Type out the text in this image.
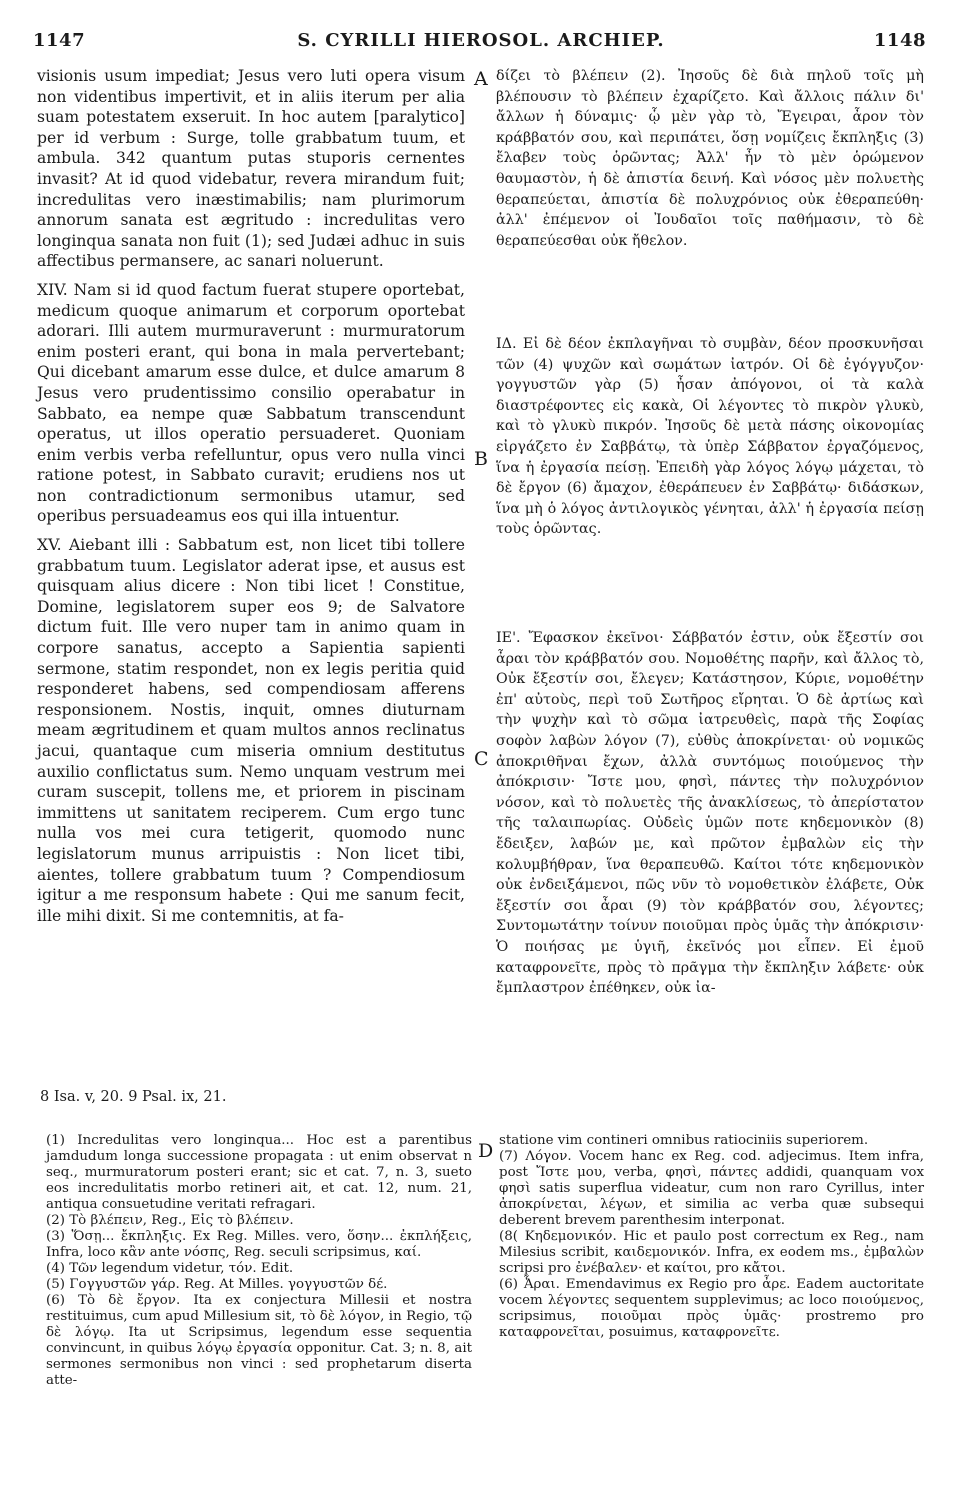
1147	S. CYRILLI HIEROSOL. ARCHIEP.	1148
A
B
C
D

visionis usum impediat; Jesus vero luti opera visum non videntibus impertivit, et in aliis iterum per alia suam potestatem exseruit. In hoc autem [paralytico] per id verbum : Surge, tolle grabbatum tuum, et ambula. 342 quantum putas stuporis cernentes invasit? At id quod videbatur, revera mirandum fuit; incredulitas vero inæstimabilis; nam plurimorum annorum sanata est ægritudo : incredulitas vero longinqua sanata non fuit (1); sed Judæi adhuc in suis affectibus permansere, ac sanari noluerunt.

XIV. Nam si id quod factum fuerat stupere oportebat, medicum quoque animarum et corporum oportebat adorari. Illi autem murmuraverunt : murmuratorum enim posteri erant, qui bona in mala pervertebant; Qui dicebant amarum esse dulce, et dulce amarum 8 Jesus vero prudentissimo consilio operabatur in Sabbato, ea nempe quæ Sabbatum transcendunt operatus, ut illos operatio persuaderet. Quoniam enim verbis verba refelluntur, opus vero nulla vinci ratione potest, in Sabbato curavit; erudiens nos ut non contradictionum sermonibus utamur, sed operibus persuadeamus eos qui illa intuentur.

XV. Aiebant illi : Sabbatum est, non licet tibi tollere grabbatum tuum. Legislator aderat ipse, et ausus est quisquam alius dicere : Non tibi licet ! Constitue, Domine, legislatorem super eos 9; de Salvatore dictum fuit. Ille vero nuper tam in animo quam in corpore sanatus, accepto a Sapientia sapienti sermone, statim respondet, non ex legis peritia quid responderet habens, sed compendiosam afferens responsionem. Nostis, inquit, omnes diuturnam meam ægritudinem et quam multos annos reclinatus jacui, quantaque cum miseria omnium destitutus auxilio conflictatus sum. Nemo unquam vestrum mei curam suscepit, tollens me, et priorem in piscinam immittens ut sanitatem reciperem. Cum ergo tunc nulla vos mei cura tetigerit, quomodo nunc legislatorum munus arripuistis : Non licet tibi, aientes, tollere grabbatum tuum ? Compendiosum igitur a me responsum habete : Qui me sanum fecit, ille mihi dixit. Si me contemnitis, at fa-

δίζει τὸ βλέπειν (2). Ἰησοῦς δὲ διὰ πηλοῦ τοῖς μὴ βλέπουσιν τὸ βλέπειν ἐχαρίζετο. Καὶ ἄλλοις πάλιν δι' ἄλλων ἡ δύναμις· ᾧ μὲν γὰρ τὸ, Ἔγειραι, ἆρον τὸν κράββατόν σου, καὶ περιπάτει, ὅσῃ νομίζεις ἔκπληξις (3) ἔλαβεν τοὺς ὁρῶντας; Ἀλλ' ἦν τὸ μὲν ὁρώμενον θαυμαστὸν, ἡ δὲ ἀπιστία δεινή. Καὶ νόσος μὲν πολυετὴς θεραπεύεται, ἀπιστία δὲ πολυχρόνιος οὐκ ἐθεραπεύθη· ἀλλ' ἐπέμενον οἱ Ἰουδαῖοι τοῖς παθήμασιν, τὸ δὲ θεραπεύεσθαι οὐκ ἤθελον.
ΙΔ. Εἰ δὲ δέον ἐκπλαγῆναι τὸ συμβὰν, δέον προσκυνῆσαι τῶν (4) ψυχῶν καὶ σωμάτων ἰατρόν. Οἱ δὲ ἐγόγγυζον· γογγυστῶν γὰρ (5) ἦσαν ἀπόγονοι, οἱ τὰ καλὰ διαστρέφοντες εἰς κακὰ, Οἱ λέγοντες τὸ πικρὸν γλυκὺ, καὶ τὸ γλυκὺ πικρόν. Ἰησοῦς δὲ μετὰ πάσης οἰκονομίας εἰργάζετο ἐν Σαββάτῳ, τὰ ὑπὲρ Σάββατον ἐργαζόμενος, ἵνα ἡ ἐργασία πείσῃ. Ἐπειδὴ γὰρ λόγος λόγῳ μάχεται, τὸ δὲ ἔργον (6) ἄμαχον, ἐθεράπευεν ἐν Σαββάτῳ· διδάσκων, ἵνα μὴ ὁ λόγος ἀντιλογικὸς γένηται, ἀλλ' ἡ ἐργασία πείσῃ τοὺς ὁρῶντας.
ΙΕ'. Ἔφασκον ἐκεῖνοι· Σάββατόν ἐστιν, οὐκ ἔξεστίν σοι ἆραι τὸν κράββατόν σου. Νομοθέτης παρῆν, καὶ ἄλλος τὸ, Οὐκ ἔξεστίν σοι, ἔλεγεν; Κατάστησον, Κύριε, νομοθέτην ἐπ' αὐτοὺς, περὶ τοῦ Σωτῆρος εἴρηται. Ὁ δὲ ἀρτίως καὶ τὴν ψυχὴν καὶ τὸ σῶμα ἰατρευθεὶς, παρὰ τῆς Σοφίας σοφὸν λαβὼν λόγον (7), εὐθὺς ἀποκρίνεται· οὐ νομικῶς ἀποκριθῆναι ἔχων, ἀλλὰ συντόμως ποιούμενος τὴν ἀπόκρισιν· Ἴστε μου, φησὶ, πάντες τὴν πολυχρόνιον νόσον, καὶ τὸ πολυετὲς τῆς ἀνακλίσεως, τὸ ἀπερίστατον τῆς ταλαιπωρίας. Οὐδεὶς ὑμῶν ποτε κηδεμονικὸν (8) ἔδειξεν, λαβών με, καὶ πρῶτον ἐμβαλὼν εἰς τὴν κολυμβήθραν, ἵνα θεραπευθῶ. Καίτοι τότε κηδεμονικὸν οὐκ ἐνδειξάμενοι, πῶς νῦν τὸ νομοθετικὸν ἐλάβετε, Οὐκ ἔξεστίν σοι ἆραι (9) τὸν κράββατόν σου, λέγοντες; Συντομωτάτην τοίνυν ποιοῦμαι πρὸς ὑμᾶς τὴν ἀπόκρισιν· Ὁ ποιήσας με ὑγιῆ, ἐκεῖνός μοι εἶπεν. Εἰ ἐμοῦ καταφρονεῖτε, πρὸς τὸ πρᾶγμα τὴν ἔκπληξιν λάβετε· οὐκ ἔμπλαστρον ἐπέθηκεν, οὐκ ἰα-
8 Isa. v, 20. 9 Psal. ix, 21.

(1) Incredulitas vero longinqua... Hoc est a parentibus jamdudum longa successione propagata : ut enim observat n seq., murmuratorum posteri erant; sic et cat. 7, n. 3, sueto eos incredulitatis morbo retineri ait, et cat. 12, num. 21, antiqua consuetudine veritati refragari.

(2) Τὸ βλέπειν, Reg., Εἰς τὸ βλέπειν.

(3) Ὅσῃ... ἔκπληξις. Ex Reg. Milles. vero, ὅσην... ἐκπλήξεις, Infra, loco κἂν ante νόσπς, Reg. seculi scripsimus, καί.

(4) Τῶν legendum videtur, τόν. Edit.

(5) Γογγυστῶν γάρ. Reg. At Milles. γογγυστῶν δέ.

(6) Τὸ δὲ ἔργον. Ita ex conjectura Millesii et nostra restituimus, cum apud Millesium sit, τὸ δὲ λόγον, in Regio, τῷ δὲ λόγῳ. Ita ut Scripsimus, legendum esse sequentia convincunt, in quibus λόγῳ ἐργασία opponitur. Cat. 3; n. 8, ait sermones sermonibus non vinci : sed prophetarum diserta atte-

statione vim contineri omnibus ratiociniis superiorem.

(7) Λόγον. Vocem hanc ex Reg. cod. adjecimus. Item infra, post Ἴστε μου, verba, φησὶ, πάντες addidi, quanquam vox φησὶ satis superflua videatur, cum non raro Cyrillus, inter ἀποκρίνεται, λέγων, et similia ac verba quæ subsequi deberent brevem parenthesim interponat.

(8( Κηδεμονικόν. Hic et paulo post correctum ex Reg., nam Milesius scribit, καιδεμονικόν. Infra, ex eodem ms., ἐμβαλὼν scripsi pro ἐνέβαλεν· et καίτοι, pro κἄτοι.

(6) Ἆραι. Emendavimus ex Regio pro ἆρε. Eadem auctoritate vocem λέγοντες sequentem supplevimus; ac loco ποιούμενος, scripsimus, ποιοῦμαι πρὸς ὑμᾶς· prostremo pro καταφρονεῖται, posuimus, καταφρονεῖτε.
